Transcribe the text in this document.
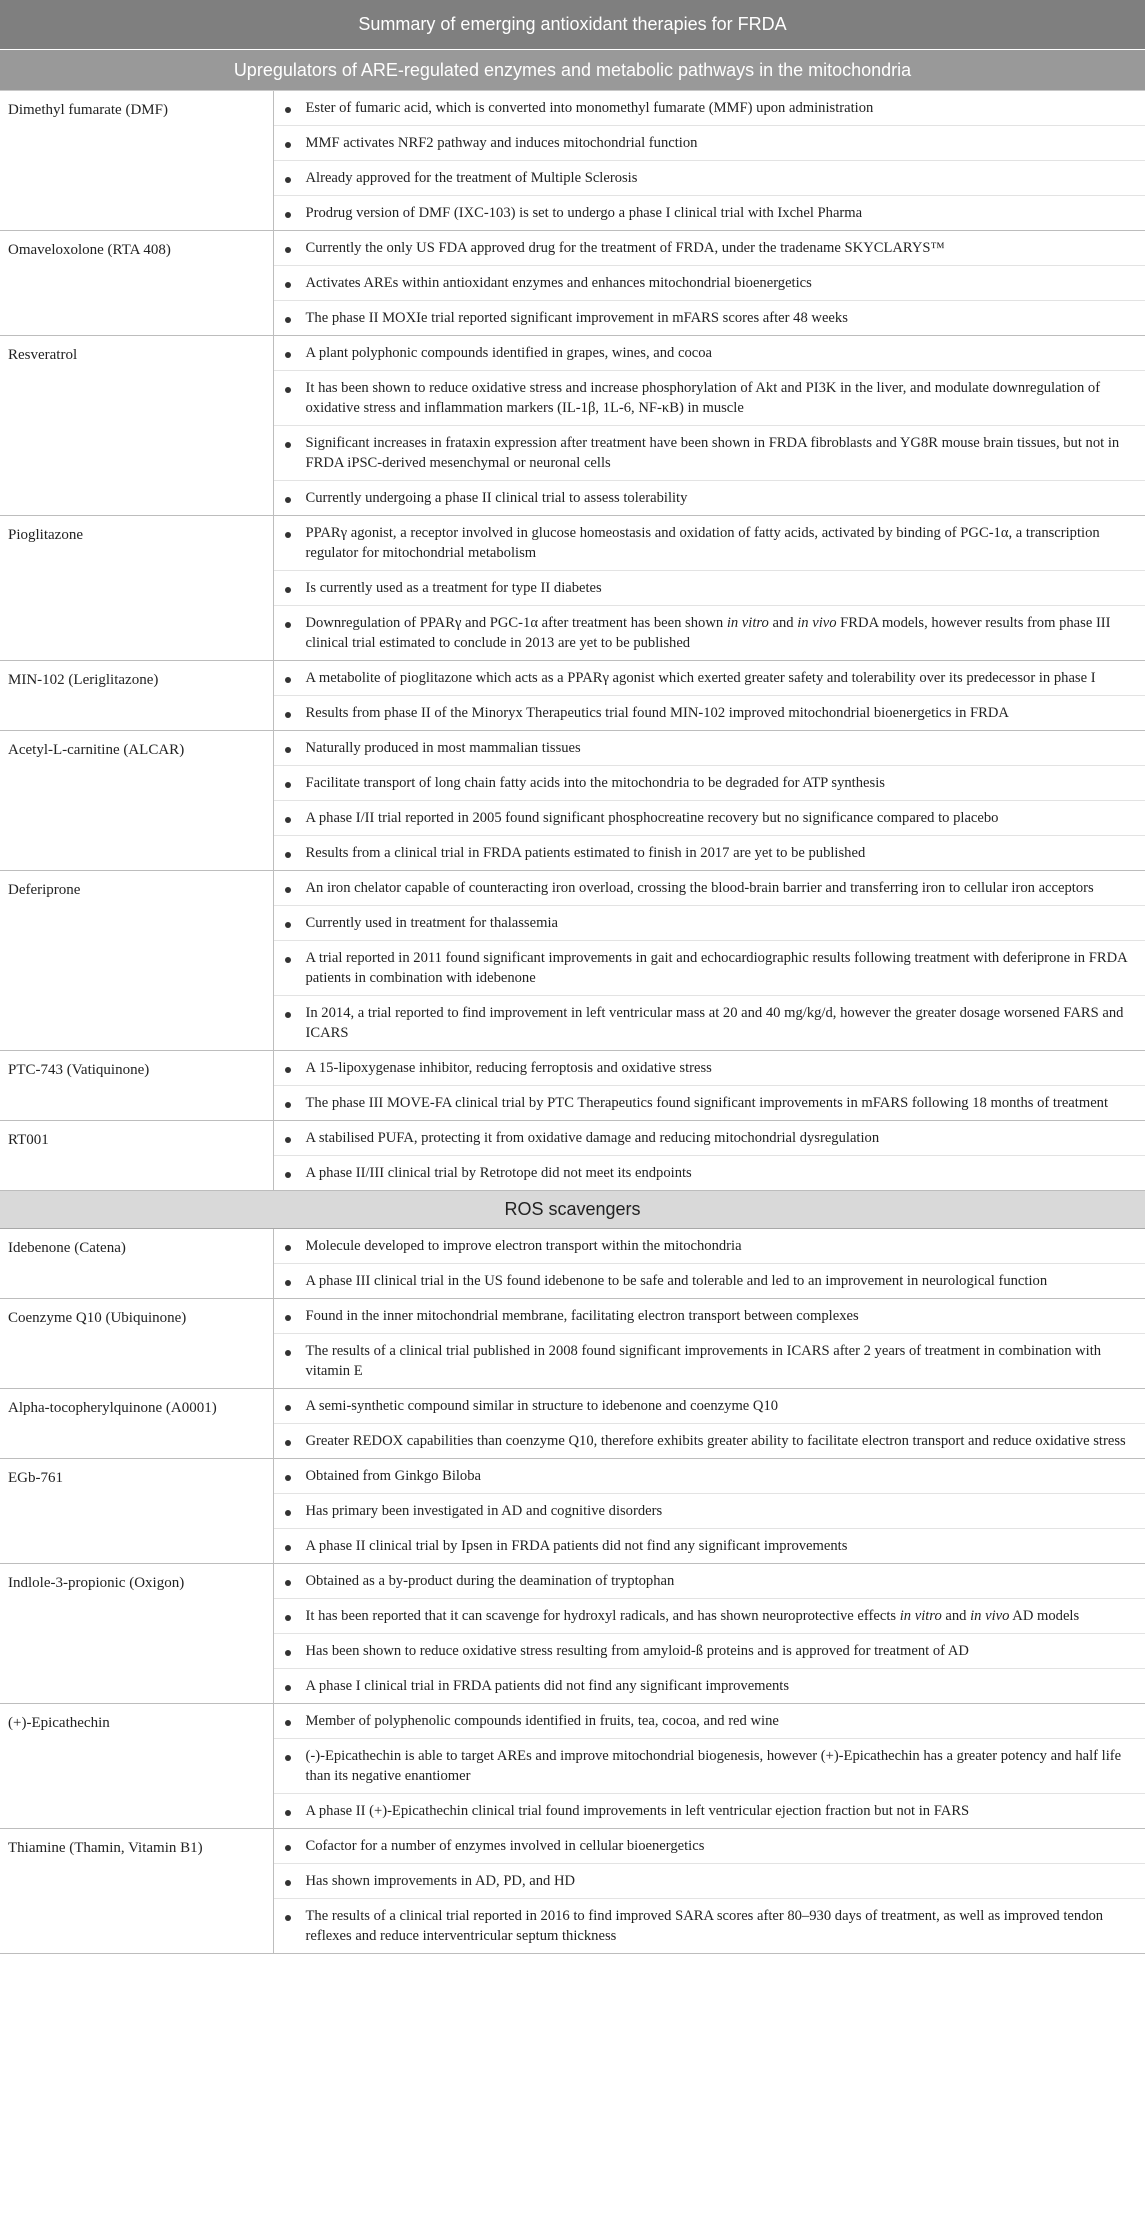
Summary of emerging antioxidant therapies for FRDA	
Upregulators of ARE-regulated enzymes and metabolic pathways in the mitochondria	
Dimethyl fumarate (DMF)	Ester of fumaric acid, which is converted into monomethyl fumarate (MMF) upon administration
MMF activates NRF2 pathway and induces mitochondrial function
Already approved for the treatment of Multiple Sclerosis
Prodrug version of DMF (IXC-103) is set to undergo a phase I clinical trial with Ixchel Pharma

Omaveloxolone (RTA 408)	Currently the only US FDA approved drug for the treatment of FRDA, under the tradename SKYCLARYS™
Activates AREs within antioxidant enzymes and enhances mitochondrial bioenergetics
The phase II MOXIe trial reported significant improvement in mFARS scores after 48 weeks

Resveratrol	A plant polyphonic compounds identified in grapes, wines, and cocoa
It has been shown to reduce oxidative stress and increase phosphorylation of Akt and PI3K in the liver, and modulate downregulation of oxidative stress and inflammation markers (IL-1β, 1L-6, NF-κB) in muscle
Significant increases in frataxin expression after treatment have been shown in FRDA fibroblasts and YG8R mouse brain tissues, but not in FRDA iPSC-derived mesenchymal or neuronal cells
Currently undergoing a phase II clinical trial to assess tolerability

Pioglitazone	PPARγ agonist, a receptor involved in glucose homeostasis and oxidation of fatty acids, activated by binding of PGC-1α, a transcription regulator for mitochondrial metabolism
Is currently used as a treatment for type II diabetes
Downregulation of PPARγ and PGC-1α after treatment has been shown in vitro and in vivo FRDA models, however results from phase III clinical trial estimated to conclude in 2013 are yet to be published

MIN-102 (Leriglitazone)	A metabolite of pioglitazone which acts as a PPARγ agonist which exerted greater safety and tolerability over its predecessor in phase I
Results from phase II of the Minoryx Therapeutics trial found MIN-102 improved mitochondrial bioenergetics in FRDA

Acetyl-L-carnitine (ALCAR)	Naturally produced in most mammalian tissues
Facilitate transport of long chain fatty acids into the mitochondria to be degraded for ATP synthesis
A phase I/II trial reported in 2005 found significant phosphocreatine recovery but no significance compared to placebo
Results from a clinical trial in FRDA patients estimated to finish in 2017 are yet to be published

Deferiprone	An iron chelator capable of counteracting iron overload, crossing the blood-brain barrier and transferring iron to cellular iron acceptors
Currently used in treatment for thalassemia
A trial reported in 2011 found significant improvements in gait and echocardiographic results following treatment with deferiprone in FRDA patients in combination with idebenone
In 2014, a trial reported to find improvement in left ventricular mass at 20 and 40 mg/kg/d, however the greater dosage worsened FARS and ICARS

PTC-743 (Vatiquinone)	A 15-lipoxygenase inhibitor, reducing ferroptosis and oxidative stress
The phase III MOVE-FA clinical trial by PTC Therapeutics found significant improvements in mFARS following 18 months of treatment

RT001	A stabilised PUFA, protecting it from oxidative damage and reducing mitochondrial dysregulation
A phase II/III clinical trial by Retrotope did not meet its endpoints

ROS scavengers	
Idebenone (Catena)	Molecule developed to improve electron transport within the mitochondria
A phase III clinical trial in the US found idebenone to be safe and tolerable and led to an improvement in neurological function

Coenzyme Q10 (Ubiquinone)	Found in the inner mitochondrial membrane, facilitating electron transport between complexes
The results of a clinical trial published in 2008 found significant improvements in ICARS after 2 years of treatment in combination with vitamin E

Alpha-tocopherylquinone (A0001)	A semi-synthetic compound similar in structure to idebenone and coenzyme Q10
Greater REDOX capabilities than coenzyme Q10, therefore exhibits greater ability to facilitate electron transport and reduce oxidative stress

EGb-761	Obtained from Ginkgo Biloba
Has primary been investigated in AD and cognitive disorders
A phase II clinical trial by Ipsen in FRDA patients did not find any significant improvements

Indlole-3-propionic (Oxigon)	Obtained as a by-product during the deamination of tryptophan
It has been reported that it can scavenge for hydroxyl radicals, and has shown neuroprotective effects in vitro and in vivo AD models
Has been shown to reduce oxidative stress resulting from amyloid-ß proteins and is approved for treatment of AD
A phase I clinical trial in FRDA patients did not find any significant improvements

(+)-Epicathechin	Member of polyphenolic compounds identified in fruits, tea, cocoa, and red wine
(-)-Epicathechin is able to target AREs and improve mitochondrial biogenesis, however (+)-Epicathechin has a greater potency and half life than its negative enantiomer
A phase II (+)-Epicathechin clinical trial found improvements in left ventricular ejection fraction but not in FARS

Thiamine (Thamin, Vitamin B1)	Cofactor for a number of enzymes involved in cellular bioenergetics
Has shown improvements in AD, PD, and HD
The results of a clinical trial reported in 2016 to find improved SARA scores after 80–930 days of treatment, as well as improved tendon reflexes and reduce interventricular septum thickness
